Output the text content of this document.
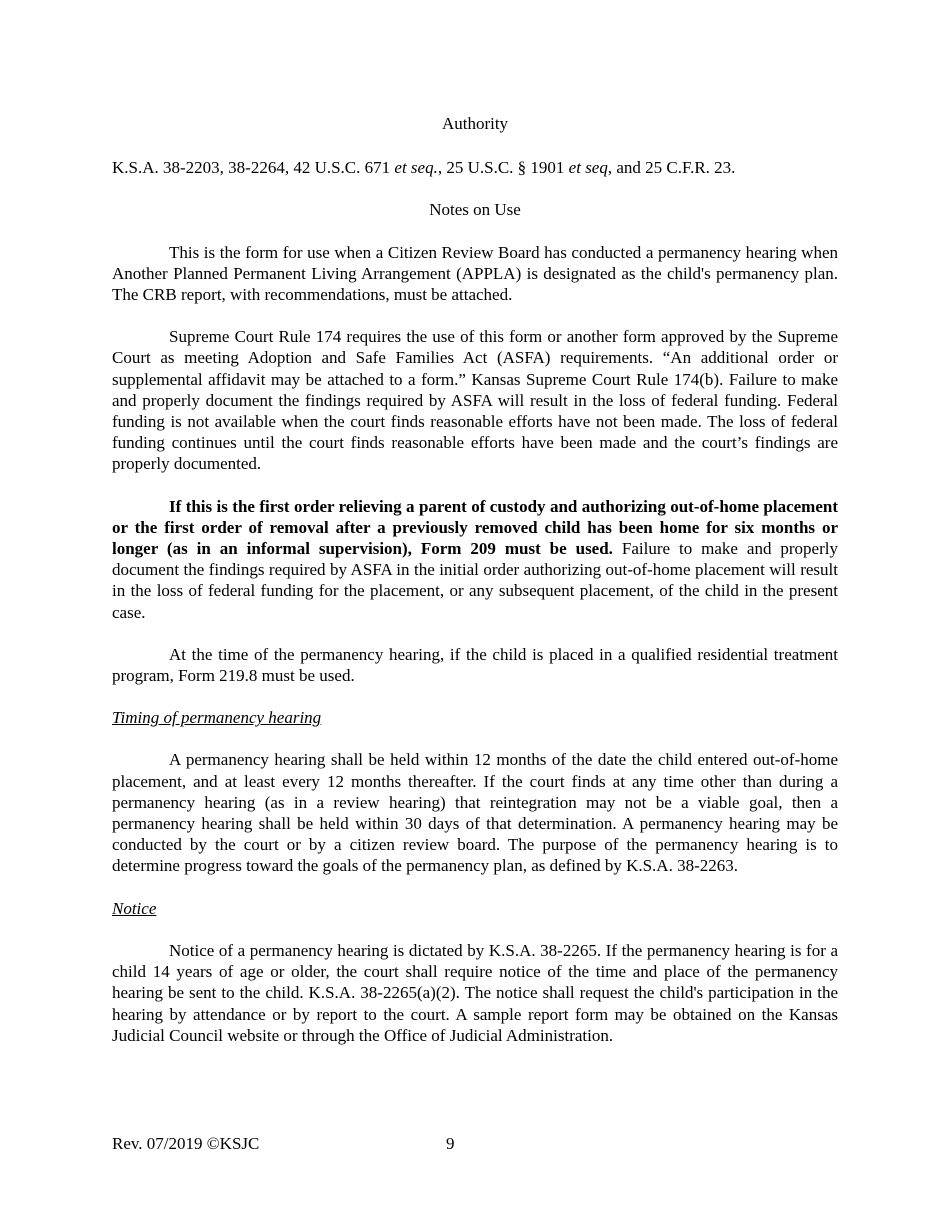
Authority
K.S.A. 38-2203, 38-2264, 42 U.S.C. 671 et seq., 25 U.S.C. § 1901 et seq, and 25 C.F.R. 23.
Notes on Use

This is the form for use when a Citizen Review Board has conducted a permanency hearing when Another Planned Permanent Living Arrangement (APPLA) is designated as the child's permanency plan. The CRB report, with recommendations, must be attached.

Supreme Court Rule 174 requires the use of this form or another form approved by the Supreme Court as meeting Adoption and Safe Families Act (ASFA) requirements. “An additional order or supplemental affidavit may be attached to a form.” Kansas Supreme Court Rule 174(b). Failure to make and properly document the findings required by ASFA will result in the loss of federal funding. Federal funding is not available when the court finds reasonable efforts have not been made. The loss of federal funding continues until the court finds reasonable efforts have been made and the court’s findings are properly documented.

If this is the first order relieving a parent of custody and authorizing out-of-home placement or the first order of removal after a previously removed child has been home for six months or longer (as in an informal supervision), Form 209 must be used. Failure to make and properly document the findings required by ASFA in the initial order authorizing out-of-home placement will result in the loss of federal funding for the placement, or any subsequent placement, of the child in the present case.

At the time of the permanency hearing, if the child is placed in a qualified residential treatment program, Form 219.8 must be used.

Timing of permanency hearing

A permanency hearing shall be held within 12 months of the date the child entered out-of-home placement, and at least every 12 months thereafter. If the court finds at any time other than during a permanency hearing (as in a review hearing) that reintegration may not be a viable goal, then a permanency hearing shall be held within 30 days of that determination. A permanency hearing may be conducted by the court or by a citizen review board. The purpose of the permanency hearing is to determine progress toward the goals of the permanency plan, as defined by K.S.A. 38-2263.

Notice

Notice of a permanency hearing is dictated by K.S.A. 38-2265. If the permanency hearing is for a child 14 years of age or older, the court shall require notice of the time and place of the permanency hearing be sent to the child. K.S.A. 38-2265(a)(2). The notice shall request the child's participation in the hearing by attendance or by report to the court. A sample report form may be obtained on the Kansas Judicial Council website or through the Office of Judicial Administration.

Rev. 07/2019 ©KSJC	9
